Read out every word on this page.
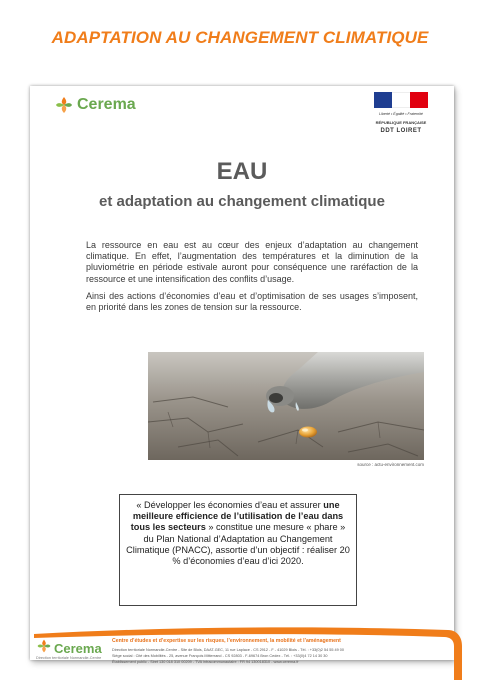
ADAPTATION AU CHANGEMENT CLIMATIQUE
Cerema
Liberté • Égalité • Fraternité
RÉPUBLIQUE FRANÇAISE
DDT LOIRET
EAU
et adaptation au changement climatique

La ressource en eau est au cœur des enjeux d’adaptation au changement climatique. En effet, l’augmentation des températures et la diminution de la pluviométrie en période estivale auront pour conséquence une raréfaction de la ressource et une intensification des conflits d’usage.

Ainsi des actions d’économies d’eau et d’optimisation de ses usages s’imposent, en priorité dans les zones de tension sur la ressource.

source : actu-environnement.com

« Développer les économies d’eau et assurer une meilleure efficience de l’utilisation de l’eau dans tous les secteurs » constitue une mesure « phare » du Plan National d’Adaptation au Changement Climatique (PNACC), assortie d’un objectif : réaliser 20 % d’économies d’eau d’ici 2020.

Cerema
Direction territoriale Normandie-Centre
Centre d’études et d’expertise sur les risques, l’environnement, la mobilité et l’aménagement
Direction territoriale Normandie-Centre - Site de Blois, DAAT-GEC, 11 rue Laplace - CS 2912 - F - 41029 Blois - Tél. : +33(0)2 54 55 49 00
Siège social : Cité des Mobilités - 25, avenue François Mitterrand - CS 92803 - F-69674 Bron Cedex - Tél. : +33(0)4 72 14 30 30
Établissement public - Siret 130 018 310 00209 - TVA intracommunautaire : FR 94 130018310 - www.cerema.fr
